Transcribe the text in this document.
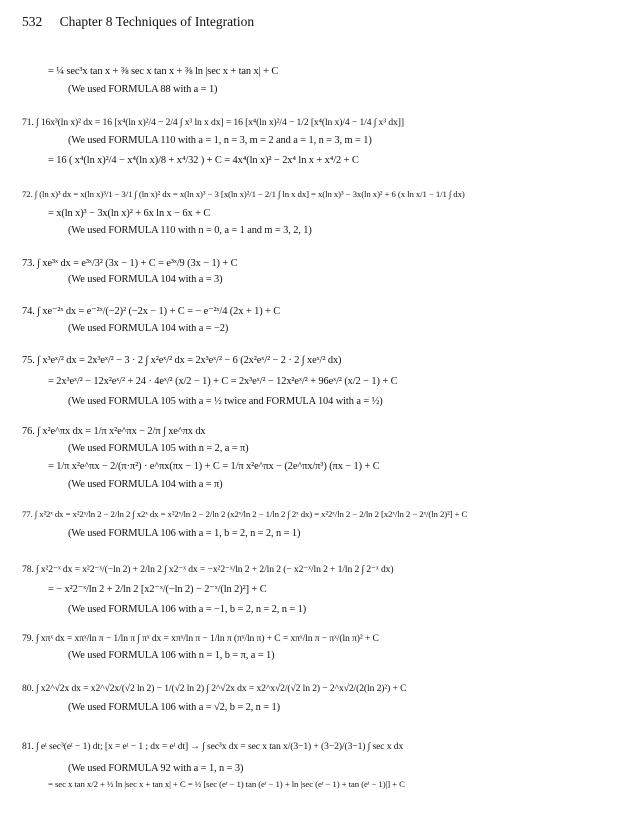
532 Chapter 8 Techniques of Integration
= ¼ sec³x tan x + ⅜ sec x tan x + ⅜ ln |sec x + tan x| + C
(We used FORMULA 88 with a = 1)
71. ∫ 16x³(ln x)² dx = 16 [x⁴(ln x)²/4 − 2/4 ∫ x³ ln x dx] = 16 [x⁴(ln x)²/4 − 1/2 [x⁴(ln x)/4 − 1/4 ∫ x³ dx]]
(We used FORMULA 110 with a = 1, n = 3, m = 2 and a = 1, n = 3, m = 1)
= 16 ( x⁴(ln x)²/4 − x⁴(ln x)/8 + x⁴/32 ) + C = 4x⁴(ln x)² − 2x⁴ ln x + x⁴/2 + C
72. ∫ (ln x)³ dx = x(ln x)³/1 − 3/1 ∫ (ln x)² dx = x(ln x)³ − 3 [x(ln x)²/1 − 2/1 ∫ ln x dx] = x(ln x)³ − 3x(ln x)² + 6 (x ln x/1 − 1/1 ∫ dx)
= x(ln x)³ − 3x(ln x)² + 6x ln x − 6x + C
(We used FORMULA 110 with n = 0, a = 1 and m = 3, 2, 1)
73. ∫ xe³ˣ dx = e³ˣ/3² (3x − 1) + C = e³ˣ/9 (3x − 1) + C
(We used FORMULA 104 with a = 3)
74. ∫ xe⁻²ˣ dx = e⁻²ˣ/(−2)² (−2x − 1) + C = − e⁻²ˣ/4 (2x + 1) + C
(We used FORMULA 104 with a = −2)
75. ∫ x³eˣ/² dx = 2x³eˣ/² − 3 · 2 ∫ x²eˣ/² dx = 2x³eˣ/² − 6 (2x²eˣ/² − 2 · 2 ∫ xeˣ/² dx)
= 2x³eˣ/² − 12x²eˣ/² + 24 · 4eˣ/² (x/2 − 1) + C = 2x³eˣ/² − 12x²eˣ/² + 96eˣ/² (x/2 − 1) + C
(We used FORMULA 105 with a = ½ twice and FORMULA 104 with a = ½)
76. ∫ x²e^πx dx = 1/π x²e^πx − 2/π ∫ xe^πx dx
(We used FORMULA 105 with n = 2, a = π)
= 1/π x²e^πx − 2/(π·π²) · e^πx(πx − 1) + C = 1/π x²e^πx − (2e^πx/π³) (πx − 1) + C
(We used FORMULA 104 with a = π)
77. ∫ x²2ˣ dx = x²2ˣ/ln 2 − 2/ln 2 ∫ x2ˣ dx = x²2ˣ/ln 2 − 2/ln 2 (x2ˣ/ln 2 − 1/ln 2 ∫ 2ˣ dx) = x²2ˣ/ln 2 − 2/ln 2 [x2ˣ/ln 2 − 2ˣ/(ln 2)²] + C
(We used FORMULA 106 with a = 1, b = 2, n = 2, n = 1)
78. ∫ x²2⁻ˣ dx = x²2⁻ˣ/(−ln 2) + 2/ln 2 ∫ x2⁻ˣ dx = −x²2⁻ˣ/ln 2 + 2/ln 2 (− x2⁻ˣ/ln 2 + 1/ln 2 ∫ 2⁻ˣ dx)
= − x²2⁻ˣ/ln 2 + 2/ln 2 [x2⁻ˣ/(−ln 2) − 2⁻ˣ/(ln 2)²] + C
(We used FORMULA 106 with a = −1, b = 2, n = 2, n = 1)
79. ∫ xπˣ dx = xπˣ/ln π − 1/ln π ∫ πˣ dx = xπˣ/ln π − 1/ln π (πˣ/ln π) + C = xπˣ/ln π − πˣ/(ln π)² + C
(We used FORMULA 106 with n = 1, b = π, a = 1)
80. ∫ x2^√2x dx = x2^√2x/(√2 ln 2) − 1/(√2 ln 2) ∫ 2^√2x dx = x2^x√2/(√2 ln 2) − 2^x√2/(2(ln 2)²) + C
(We used FORMULA 106 with a = √2, b = 2, n = 1)
81. ∫ eᵗ sec³(eᵗ − 1) dt; [x = eᵗ − 1 ; dx = eᵗ dt] → ∫ sec³x dx = sec x tan x/(3−1) + (3−2)/(3−1) ∫ sec x dx
(We used FORMULA 92 with a = 1, n = 3)
= sec x tan x/2 + ½ ln |sec x + tan x| + C = ½ [sec (eᵗ − 1) tan (eᵗ − 1) + ln |sec (eᵗ − 1) + tan (eᵗ − 1)|] + C
